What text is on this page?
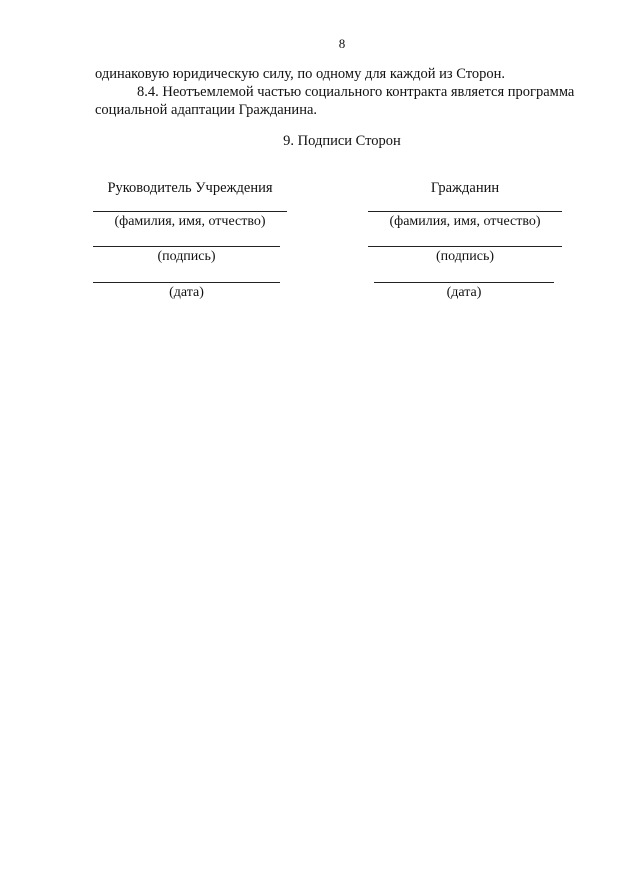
8
одинаковую юридическую силу, по одному для каждой из Сторон.
8.4. Неотъемлемой частью социального контракта является программа
социальной адаптации Гражданина.
9. Подписи Сторон
Руководитель Учреждения
(фамилия, имя, отчество)
(подпись)
(дата)
Гражданин
(фамилия, имя, отчество)
(подпись)
(дата)
